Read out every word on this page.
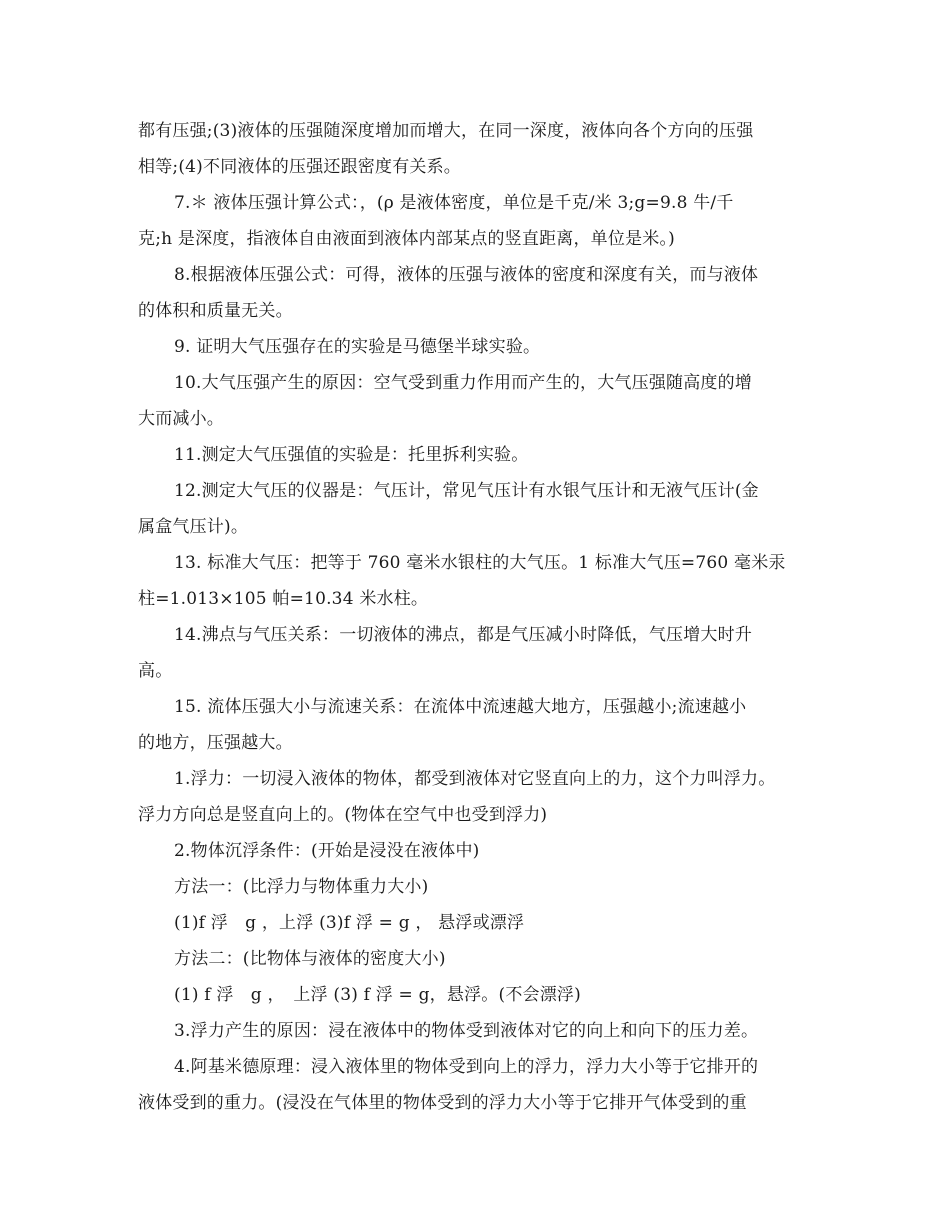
都有压强;(3)液体的压强随深度增加而增大，在同一深度，液体向各个方向的压强
相等;(4)不同液体的压强还跟密度有关系。
7.＊ 液体压强计算公式：，(ρ 是液体密度，单位是千克/米 3;g=9.8 牛/千
克;h 是深度，指液体自由液面到液体内部某点的竖直距离，单位是米。)
8.根据液体压强公式：可得，液体的压强与液体的密度和深度有关，而与液体
的体积和质量无关。
9. 证明大气压强存在的实验是马德堡半球实验。
10.大气压强产生的原因：空气受到重力作用而产生的，大气压强随高度的增
大而减小。
11.测定大气压强值的实验是：托里拆利实验。
12.测定大气压的仪器是：气压计，常见气压计有水银气压计和无液气压计(金
属盒气压计)。
13. 标准大气压：把等于 760 毫米水银柱的大气压。1 标准大气压=760 毫米汞
柱=1.013×105 帕=10.34 米水柱。
14.沸点与气压关系：一切液体的沸点，都是气压减小时降低，气压增大时升
高。
15. 流体压强大小与流速关系：在流体中流速越大地方，压强越小;流速越小
的地方，压强越大。
1.浮力：一切浸入液体的物体，都受到液体对它竖直向上的力，这个力叫浮力。
浮力方向总是竖直向上的。(物体在空气中也受到浮力)
2.物体沉浮条件：(开始是浸没在液体中)
方法一：(比浮力与物体重力大小)
(1)f 浮　g ，上浮 (3)f 浮 = g ， 悬浮或漂浮
方法二：(比物体与液体的密度大小)
(1) f 浮　g ，　上浮 (3) f 浮 = g，悬浮。(不会漂浮)
3.浮力产生的原因：浸在液体中的物体受到液体对它的向上和向下的压力差。
4.阿基米德原理：浸入液体里的物体受到向上的浮力，浮力大小等于它排开的
液体受到的重力。(浸没在气体里的物体受到的浮力大小等于它排开气体受到的重
